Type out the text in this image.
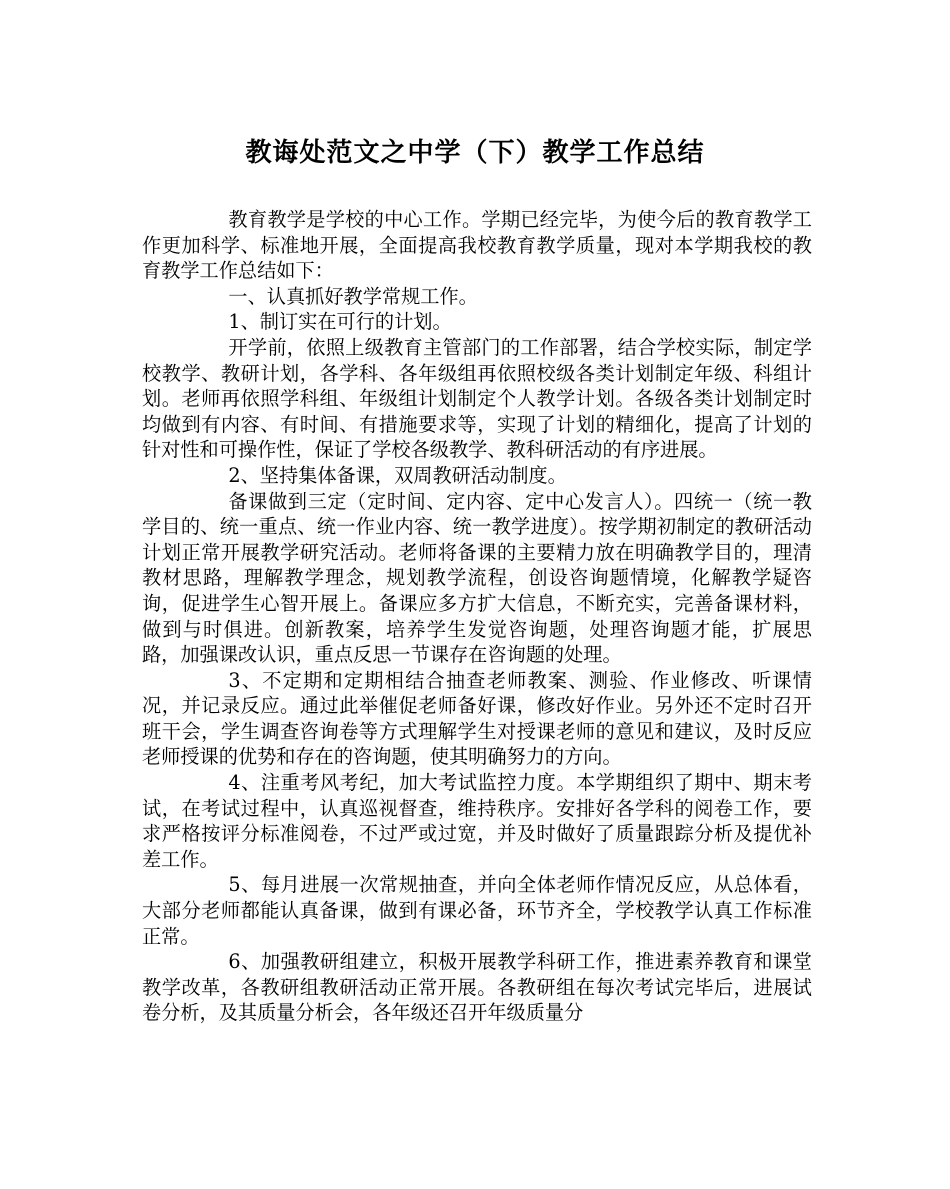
教诲处范文之中学（下）教学工作总结

教育教学是学校的中心工作。学期已经完毕，为使今后的教育教学工作更加科学、标准地开展，全面提高我校教育教学质量，现对本学期我校的教育教学工作总结如下：

一、认真抓好教学常规工作。

1、制订实在可行的计划。

开学前，依照上级教育主管部门的工作部署，结合学校实际，制定学校教学、教研计划，各学科、各年级组再依照校级各类计划制定年级、科组计划。老师再依照学科组、年级组计划制定个人教学计划。各级各类计划制定时均做到有内容、有时间、有措施要求等，实现了计划的精细化，提高了计划的针对性和可操作性，保证了学校各级教学、教科研活动的有序进展。

2、坚持集体备课，双周教研活动制度。

备课做到三定（定时间、定内容、定中心发言人）。四统一（统一教学目的、统一重点、统一作业内容、统一教学进度）。按学期初制定的教研活动计划正常开展教学研究活动。老师将备课的主要精力放在明确教学目的，理清教材思路，理解教学理念，规划教学流程，创设咨询题情境，化解教学疑咨询，促进学生心智开展上。备课应多方扩大信息，不断充实，完善备课材料，做到与时俱进。创新教案，培养学生发觉咨询题，处理咨询题才能，扩展思路，加强课改认识，重点反思一节课存在咨询题的处理。

3、不定期和定期相结合抽查老师教案、测验、作业修改、听课情况，并记录反应。通过此举催促老师备好课，修改好作业。另外还不定时召开班干会，学生调查咨询卷等方式理解学生对授课老师的意见和建议，及时反应老师授课的优势和存在的咨询题，使其明确努力的方向。

4、注重考风考纪，加大考试监控力度。本学期组织了期中、期末考试，在考试过程中，认真巡视督查，维持秩序。安排好各学科的阅卷工作，要求严格按评分标准阅卷，不过严或过宽，并及时做好了质量跟踪分析及提优补差工作。

5、每月进展一次常规抽查，并向全体老师作情况反应，从总体看，大部分老师都能认真备课，做到有课必备，环节齐全，学校教学认真工作标准正常。

6、加强教研组建立，积极开展教学科研工作，推进素养教育和课堂教学改革，各教研组教研活动正常开展。各教研组在每次考试完毕后，进展试卷分析，及其质量分析会，各年级还召开年级质量分
